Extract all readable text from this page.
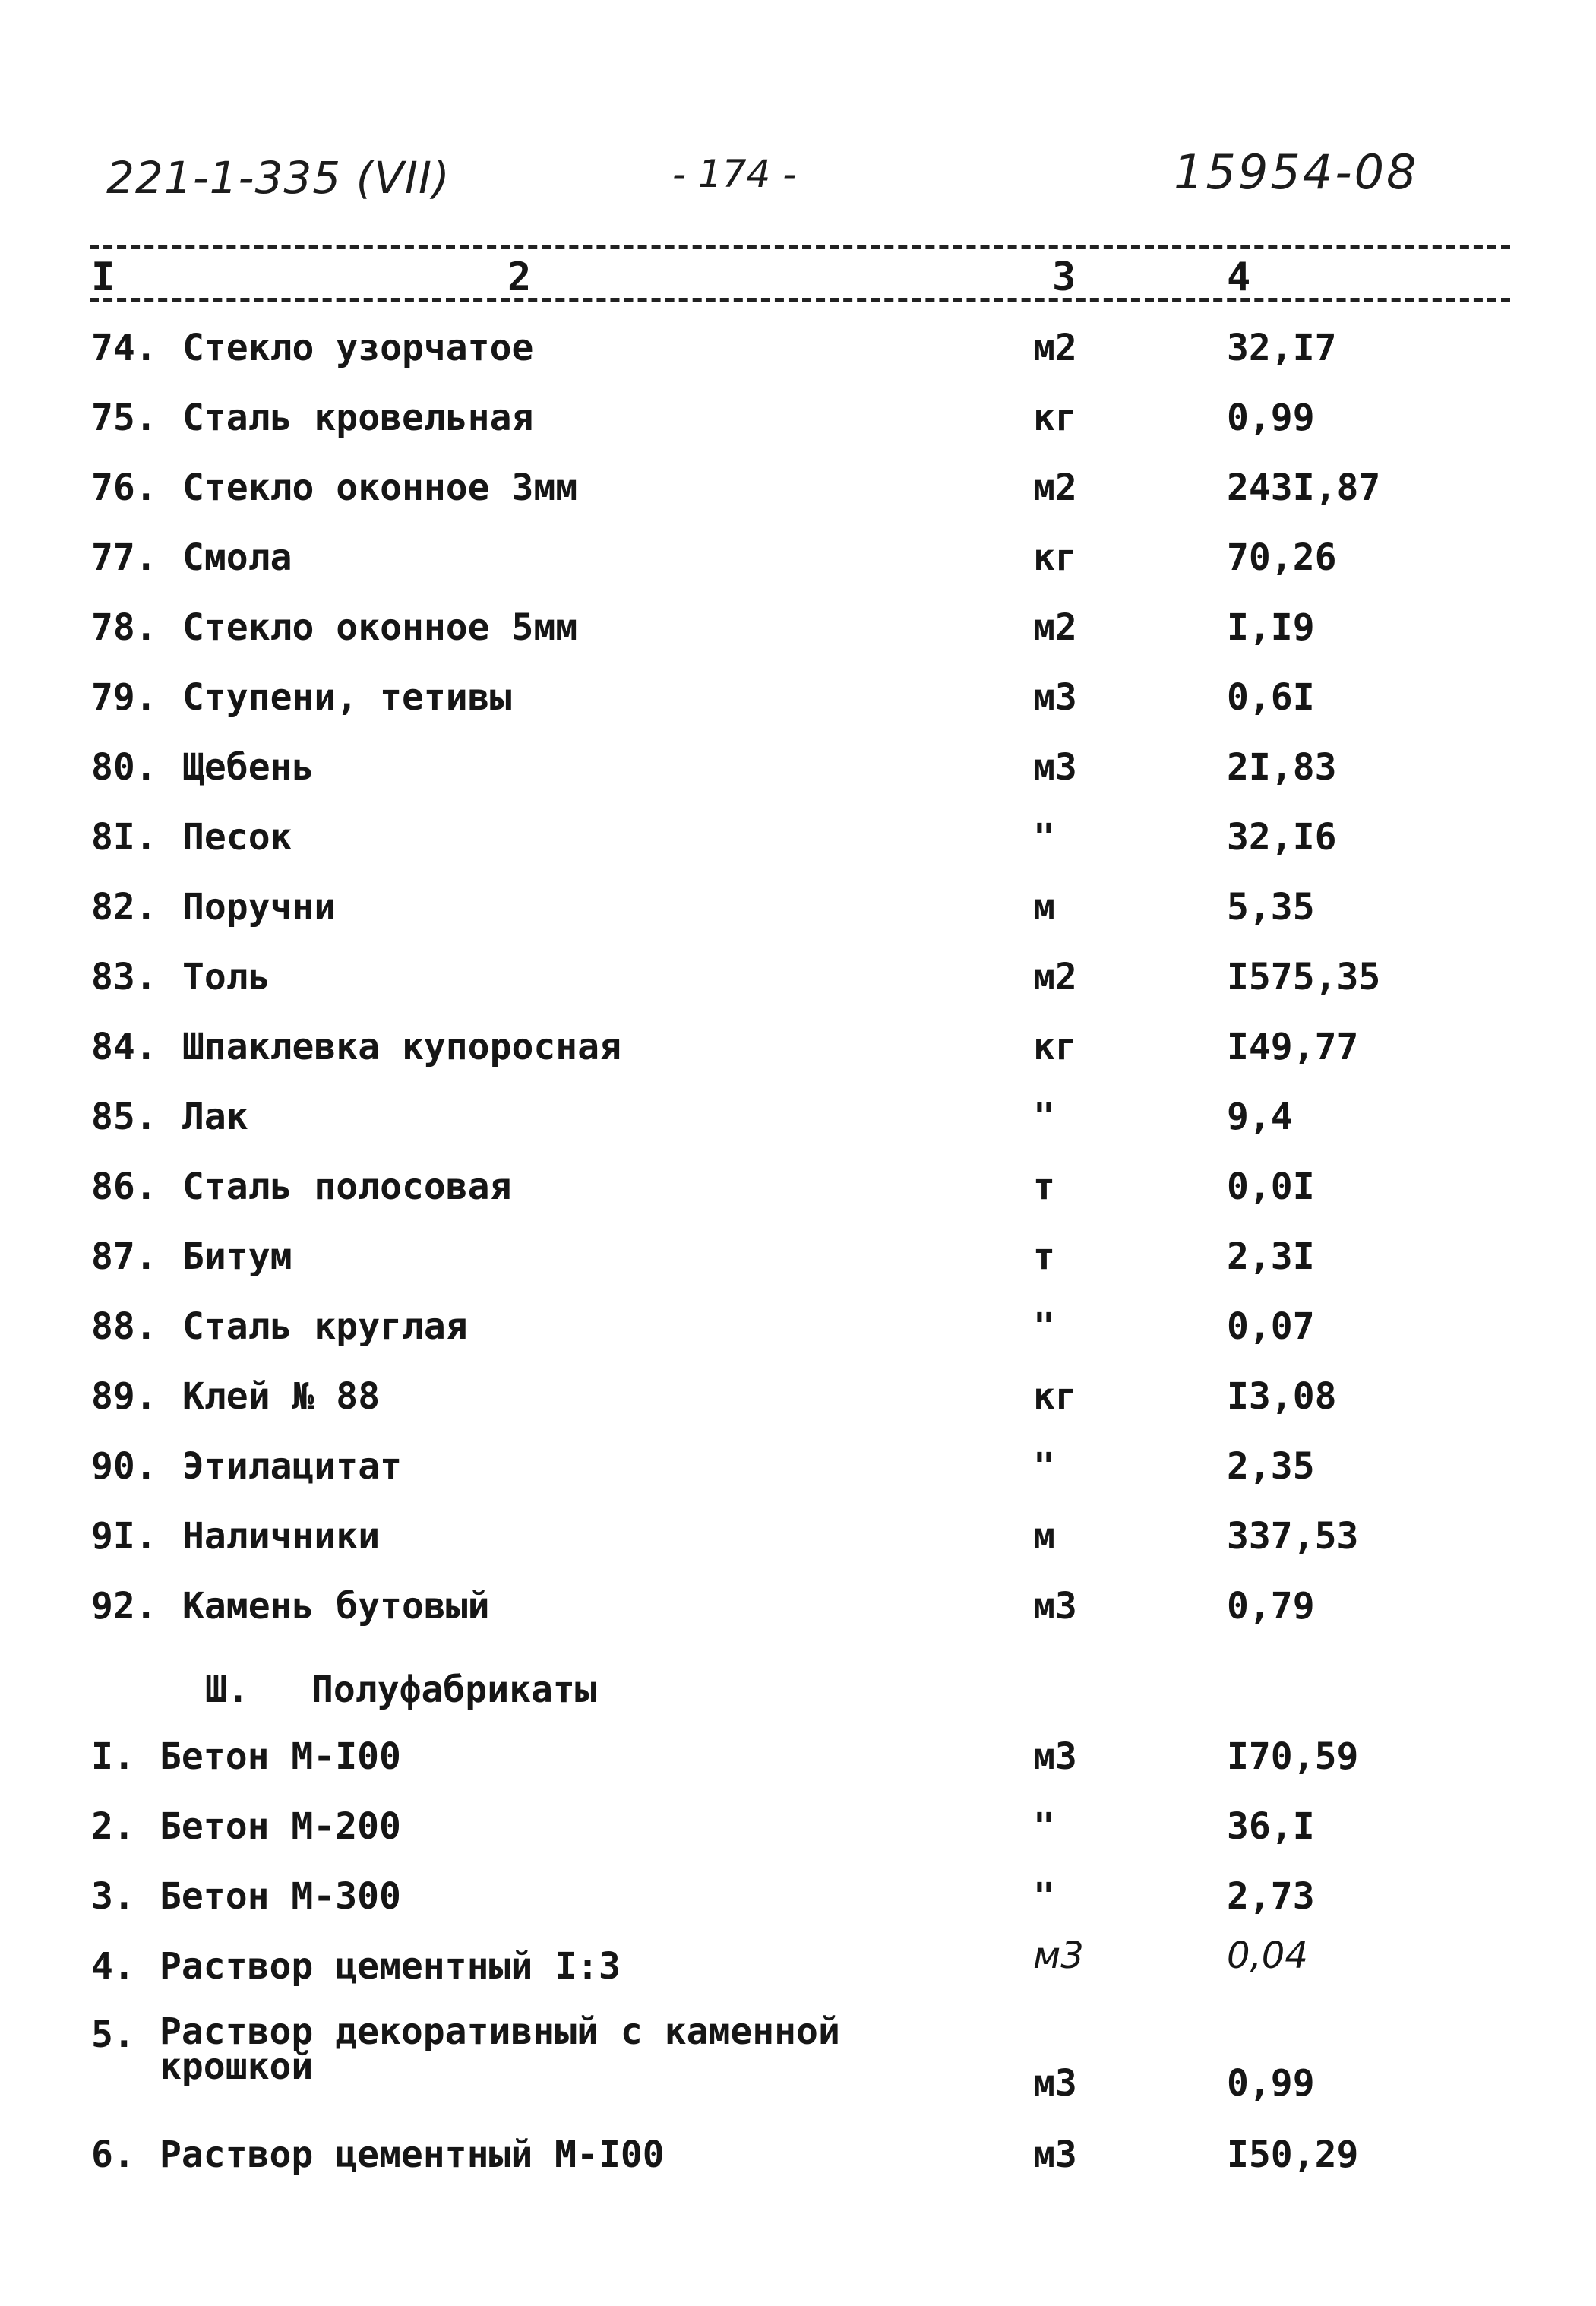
221-1-335 (VII)	- 174 -	15954-08
I	2	3	4
74. Стекло узорчатое	м2	32,I7
75. Сталь кровельная	кг	0,99
76. Стекло оконное 3мм	м2	243I,87
77. Смола	кг	70,26
78. Стекло оконное 5мм	м2	I,I9
79. Ступени, тетивы	м3	0,6I
80. Щебень	м3	2I,83
8I. Песок	"	32,I6
82. Поручни	м	5,35
83. Толь	м2	I575,35
84. Шпаклевка купоросная	кг	I49,77
85. Лак	"	9,4
86. Сталь полосовая	т	0,0I
87. Битум	т	2,3I
88. Сталь круглая	"	0,07
89. Клей № 88	кг	I3,08
90. Этилацитат	"	2,35
9I. Наличники	м	337,53
92. Камень бутовый	м3	0,79
Ш. Полуфабрикаты
I. Бетон М-I00	м3	I70,59
2. Бетон М-200	"	36,I
3. Бетон М-300	"	2,73
4. Раствор цементный I:3	м3	0,04
5. Раствор декоративный с каменной крошкой	м3	0,99
6. Раствор цементный М-I00	м3	I50,29
